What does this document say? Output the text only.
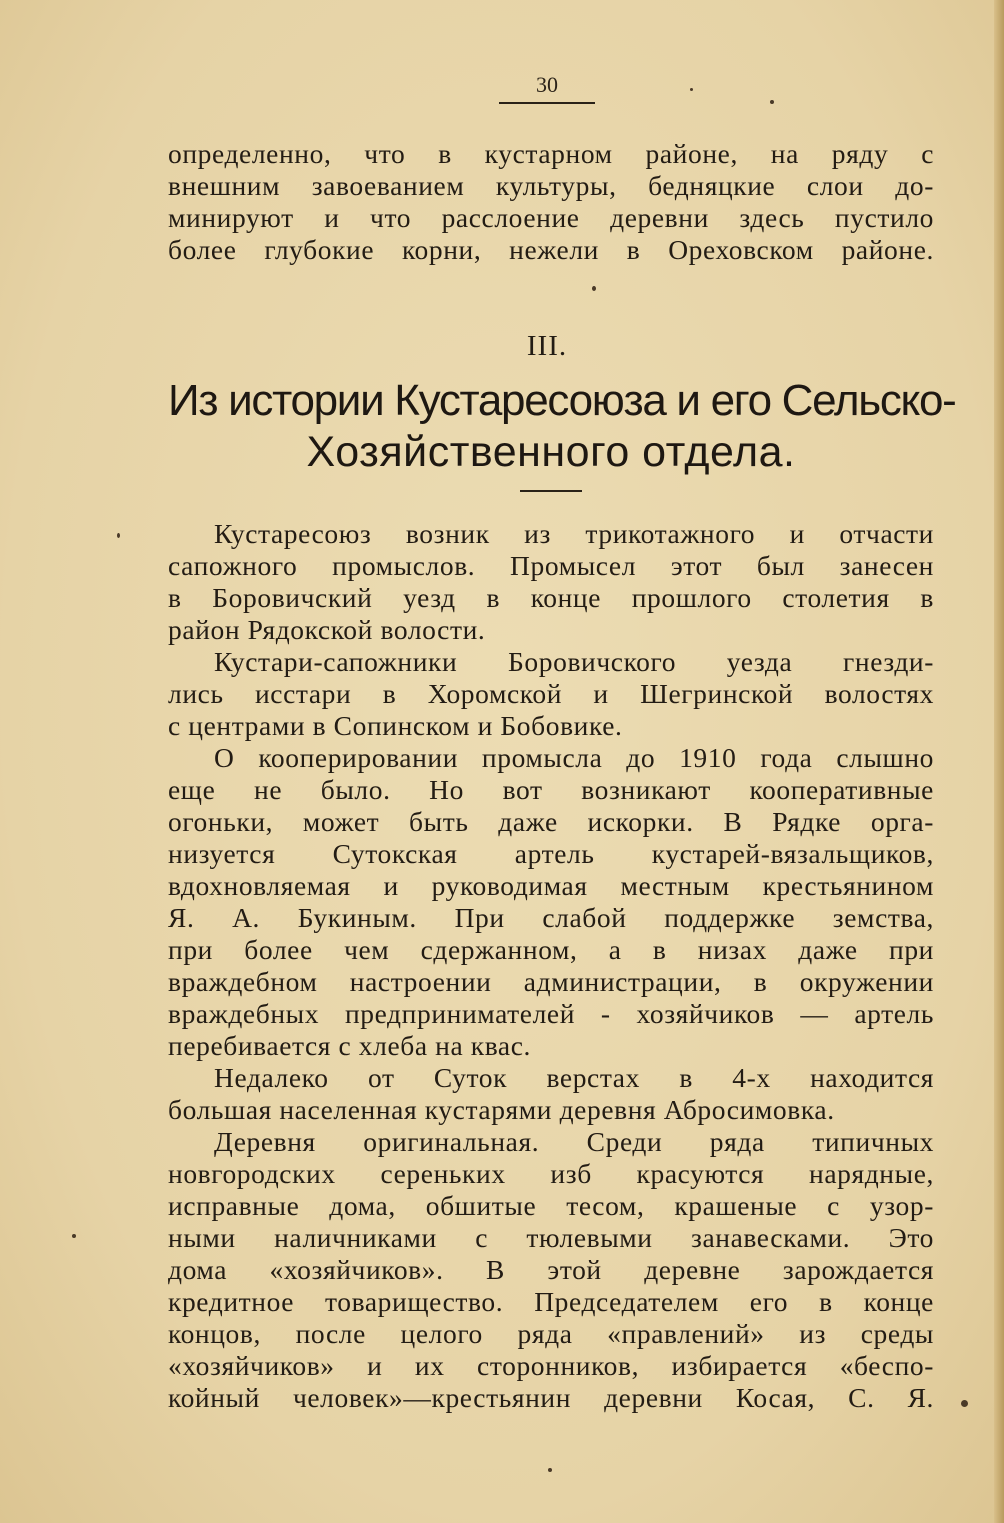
30
определенно, что в кустарном районе, на ряду с
внешним завоеванием культуры, бедняцкие слои до-
минируют и что расслоение деревни здесь пустило
более глубокие корни, нежели в Ореховском районе.
III.
Из истории Кустаресоюза и его Сельско-
Хозяйственного отдела.
Кустаресоюз возник из трикотажного и отчасти
сапожного промыслов. Промысел этот был занесен
в Боровичский уезд в конце прошлого столетия в
район Рядокской волости.
Кустари-сапожники Боровичского уезда гнезди-
лись исстари в Хоромской и Шегринской волостях
с центрами в Сопинском и Бобовике.
О кооперировании промысла до 1910 года слышно
еще не было. Но вот возникают кооперативные
огоньки, может быть даже искорки. В Рядке орга-
низуется Сутокская артель кустарей-вязальщиков,
вдохновляемая и руководимая местным крестьянином
Я. А. Букиным. При слабой поддержке земства,
при более чем сдержанном, а в низах даже при
враждебном настроении администрации, в окружении
враждебных предпринимателей - хозяйчиков — артель
перебивается с хлеба на квас.
Недалеко от Суток верстах в 4-х находится
большая населенная кустарями деревня Абросимовка.
Деревня оригинальная. Среди ряда типичных
новгородских сереньких изб красуются нарядные,
исправные дома, обшитые тесом, крашеные с узор-
ными наличниками с тюлевыми занавесками. Это
дома «хозяйчиков». В этой деревне зарождается
кредитное товарищество. Председателем его в конце
концов, после целого ряда «правлений» из среды
«хозяйчиков» и их сторонников, избирается «беспо-
койный человек»—крестьянин деревни Косая, С. Я.
